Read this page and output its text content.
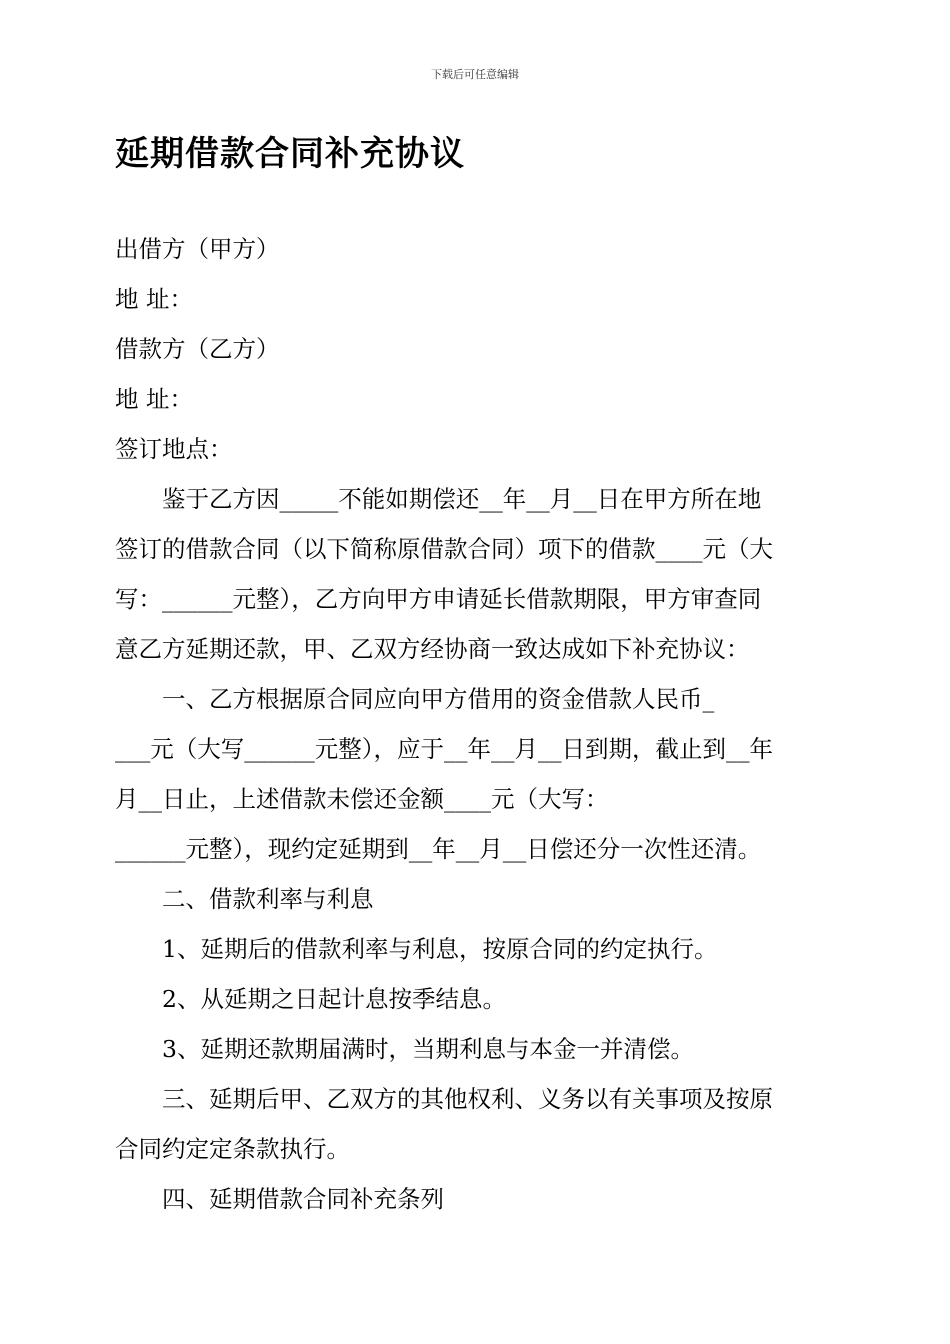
下载后可任意编辑
延期借款合同补充协议

出借方（甲方）

地 址：

借款方（乙方）

地 址：

签订地点：

鉴于乙方因_____不能如期偿还__年__月__日在甲方所在地

签订的借款合同（以下简称原借款合同）项下的借款____元（大

写：______元整），乙方向甲方申请延长借款期限，甲方审查同

意乙方延期还款，甲、乙双方经协商一致达成如下补充协议：

一、乙方根据原合同应向甲方借用的资金借款人民币_

___元（大写______元整），应于__年__月__日到期，截止到__年

月__日止，上述借款未偿还金额____元（大写：

______元整），现约定延期到__年__月__日偿还分一次性还清。

二、借款利率与利息

1、延期后的借款利率与利息，按原合同的约定执行。

2、从延期之日起计息按季结息。

3、延期还款期届满时，当期利息与本金一并清偿。

三、延期后甲、乙双方的其他权利、义务以有关事项及按原

合同约定定条款执行。

四、延期借款合同补充条列
